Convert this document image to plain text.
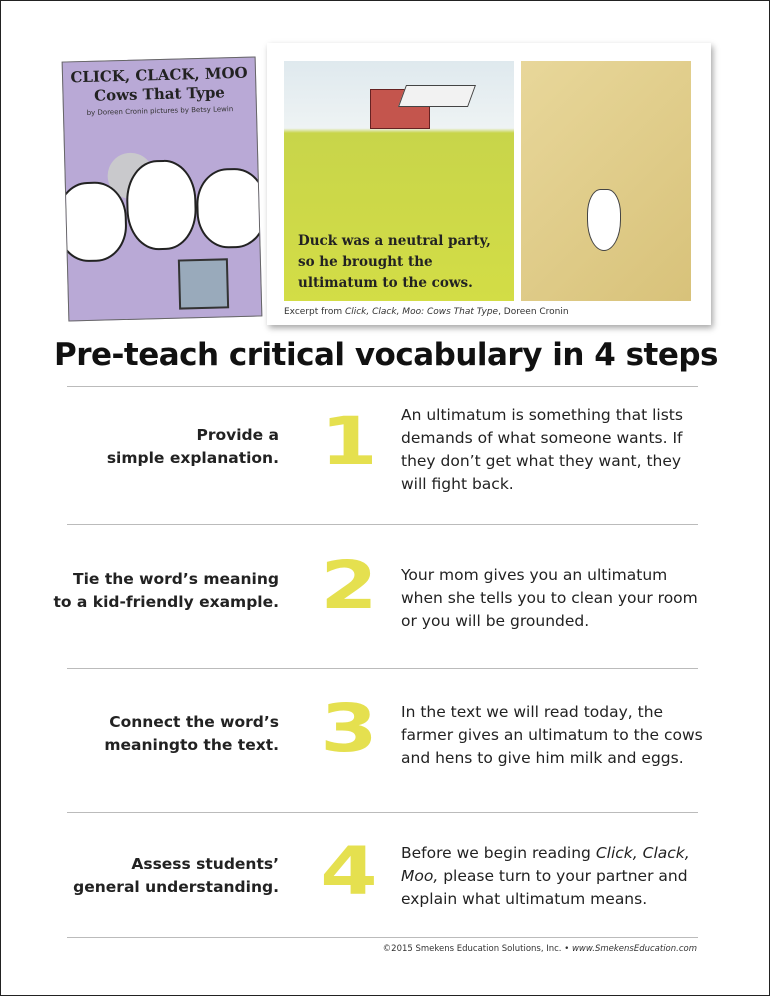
CLICK, CLACK, MOO
Cows That Type
by Doreen Cronin pictures by Betsy Lewin
Duck was a neutral party, so he brought the ultimatum to the cows.
Excerpt from Click, Clack, Moo: Cows That Type, Doreen Cronin
Pre-teach critical vocabulary in 4 steps
Provide a
simple explanation. 1	An ultimatum is something that lists demands of what someone wants. If they don’t get what they want, they will fight back.
Tie the word’s meaning
to a kid-friendly example. 2	Your mom gives you an ultimatum when she tells you to clean your room or you will be grounded.
Connect the word’s
meaningto the text. 3	In the text we will read today, the farmer gives an ultimatum to the cows and hens to give him milk and eggs.
Assess students’
general understanding. 4	Before we begin reading Click, Clack, Moo, please turn to your partner and explain what ultimatum means.
©2015 Smekens Education Solutions, Inc. • www.SmekensEducation.com
